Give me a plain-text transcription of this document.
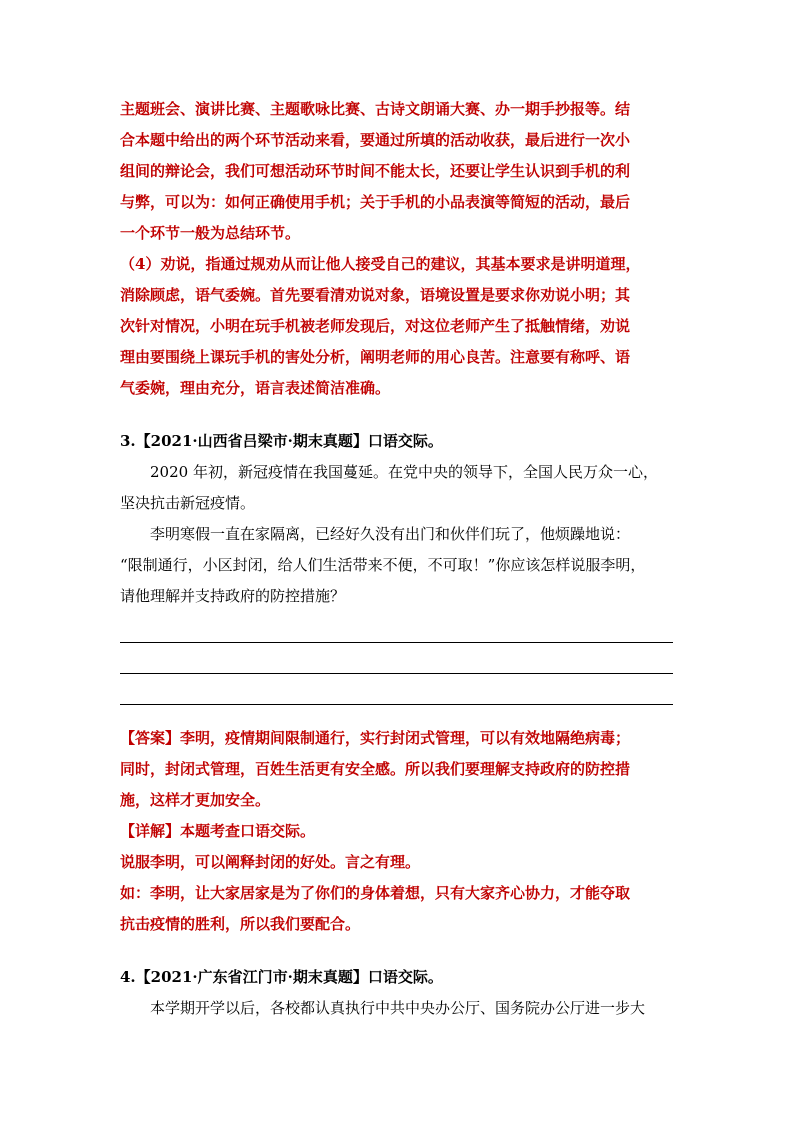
主题班会、演讲比赛、主题歌咏比赛、古诗文朗诵大赛、办一期手抄报等。结
合本题中给出的两个环节活动来看，要通过所填的活动收获，最后进行一次小
组间的辩论会，我们可想活动环节时间不能太长，还要让学生认识到手机的利
与弊，可以为：如何正确使用手机；关于手机的小品表演等简短的活动，最后
一个环节一般为总结环节。
（4）劝说，指通过规劝从而让他人接受自己的建议，其基本要求是讲明道理，
消除顾虑，语气委婉。首先要看清劝说对象，语境设置是要求你劝说小明；其
次针对情况，小明在玩手机被老师发现后，对这位老师产生了抵触情绪，劝说
理由要围绕上课玩手机的害处分析，阐明老师的用心良苦。注意要有称呼、语
气委婉，理由充分，语言表述简洁准确。
3.【2021·山西省吕梁市·期末真题】口语交际。
2020 年初，新冠疫情在我国蔓延。在党中央的领导下，全国人民万众一心，
坚决抗击新冠疫情。
李明寒假一直在家隔离，已经好久没有出门和伙伴们玩了，他烦躁地说：
“限制通行，小区封闭，给人们生活带来不便，不可取！”你应该怎样说服李明，
请他理解并支持政府的防控措施？
【答案】李明，疫情期间限制通行，实行封闭式管理，可以有效地隔绝病毒；
同时，封闭式管理，百姓生活更有安全感。所以我们要理解支持政府的防控措
施，这样才更加安全。
【详解】本题考查口语交际。
说服李明，可以阐释封闭的好处。言之有理。
如：李明，让大家居家是为了你们的身体着想，只有大家齐心协力，才能夺取
抗击疫情的胜利，所以我们要配合。
4.【2021·广东省江门市·期末真题】口语交际。
本学期开学以后，各校都认真执行中共中央办公厅、国务院办公厅进一步大
